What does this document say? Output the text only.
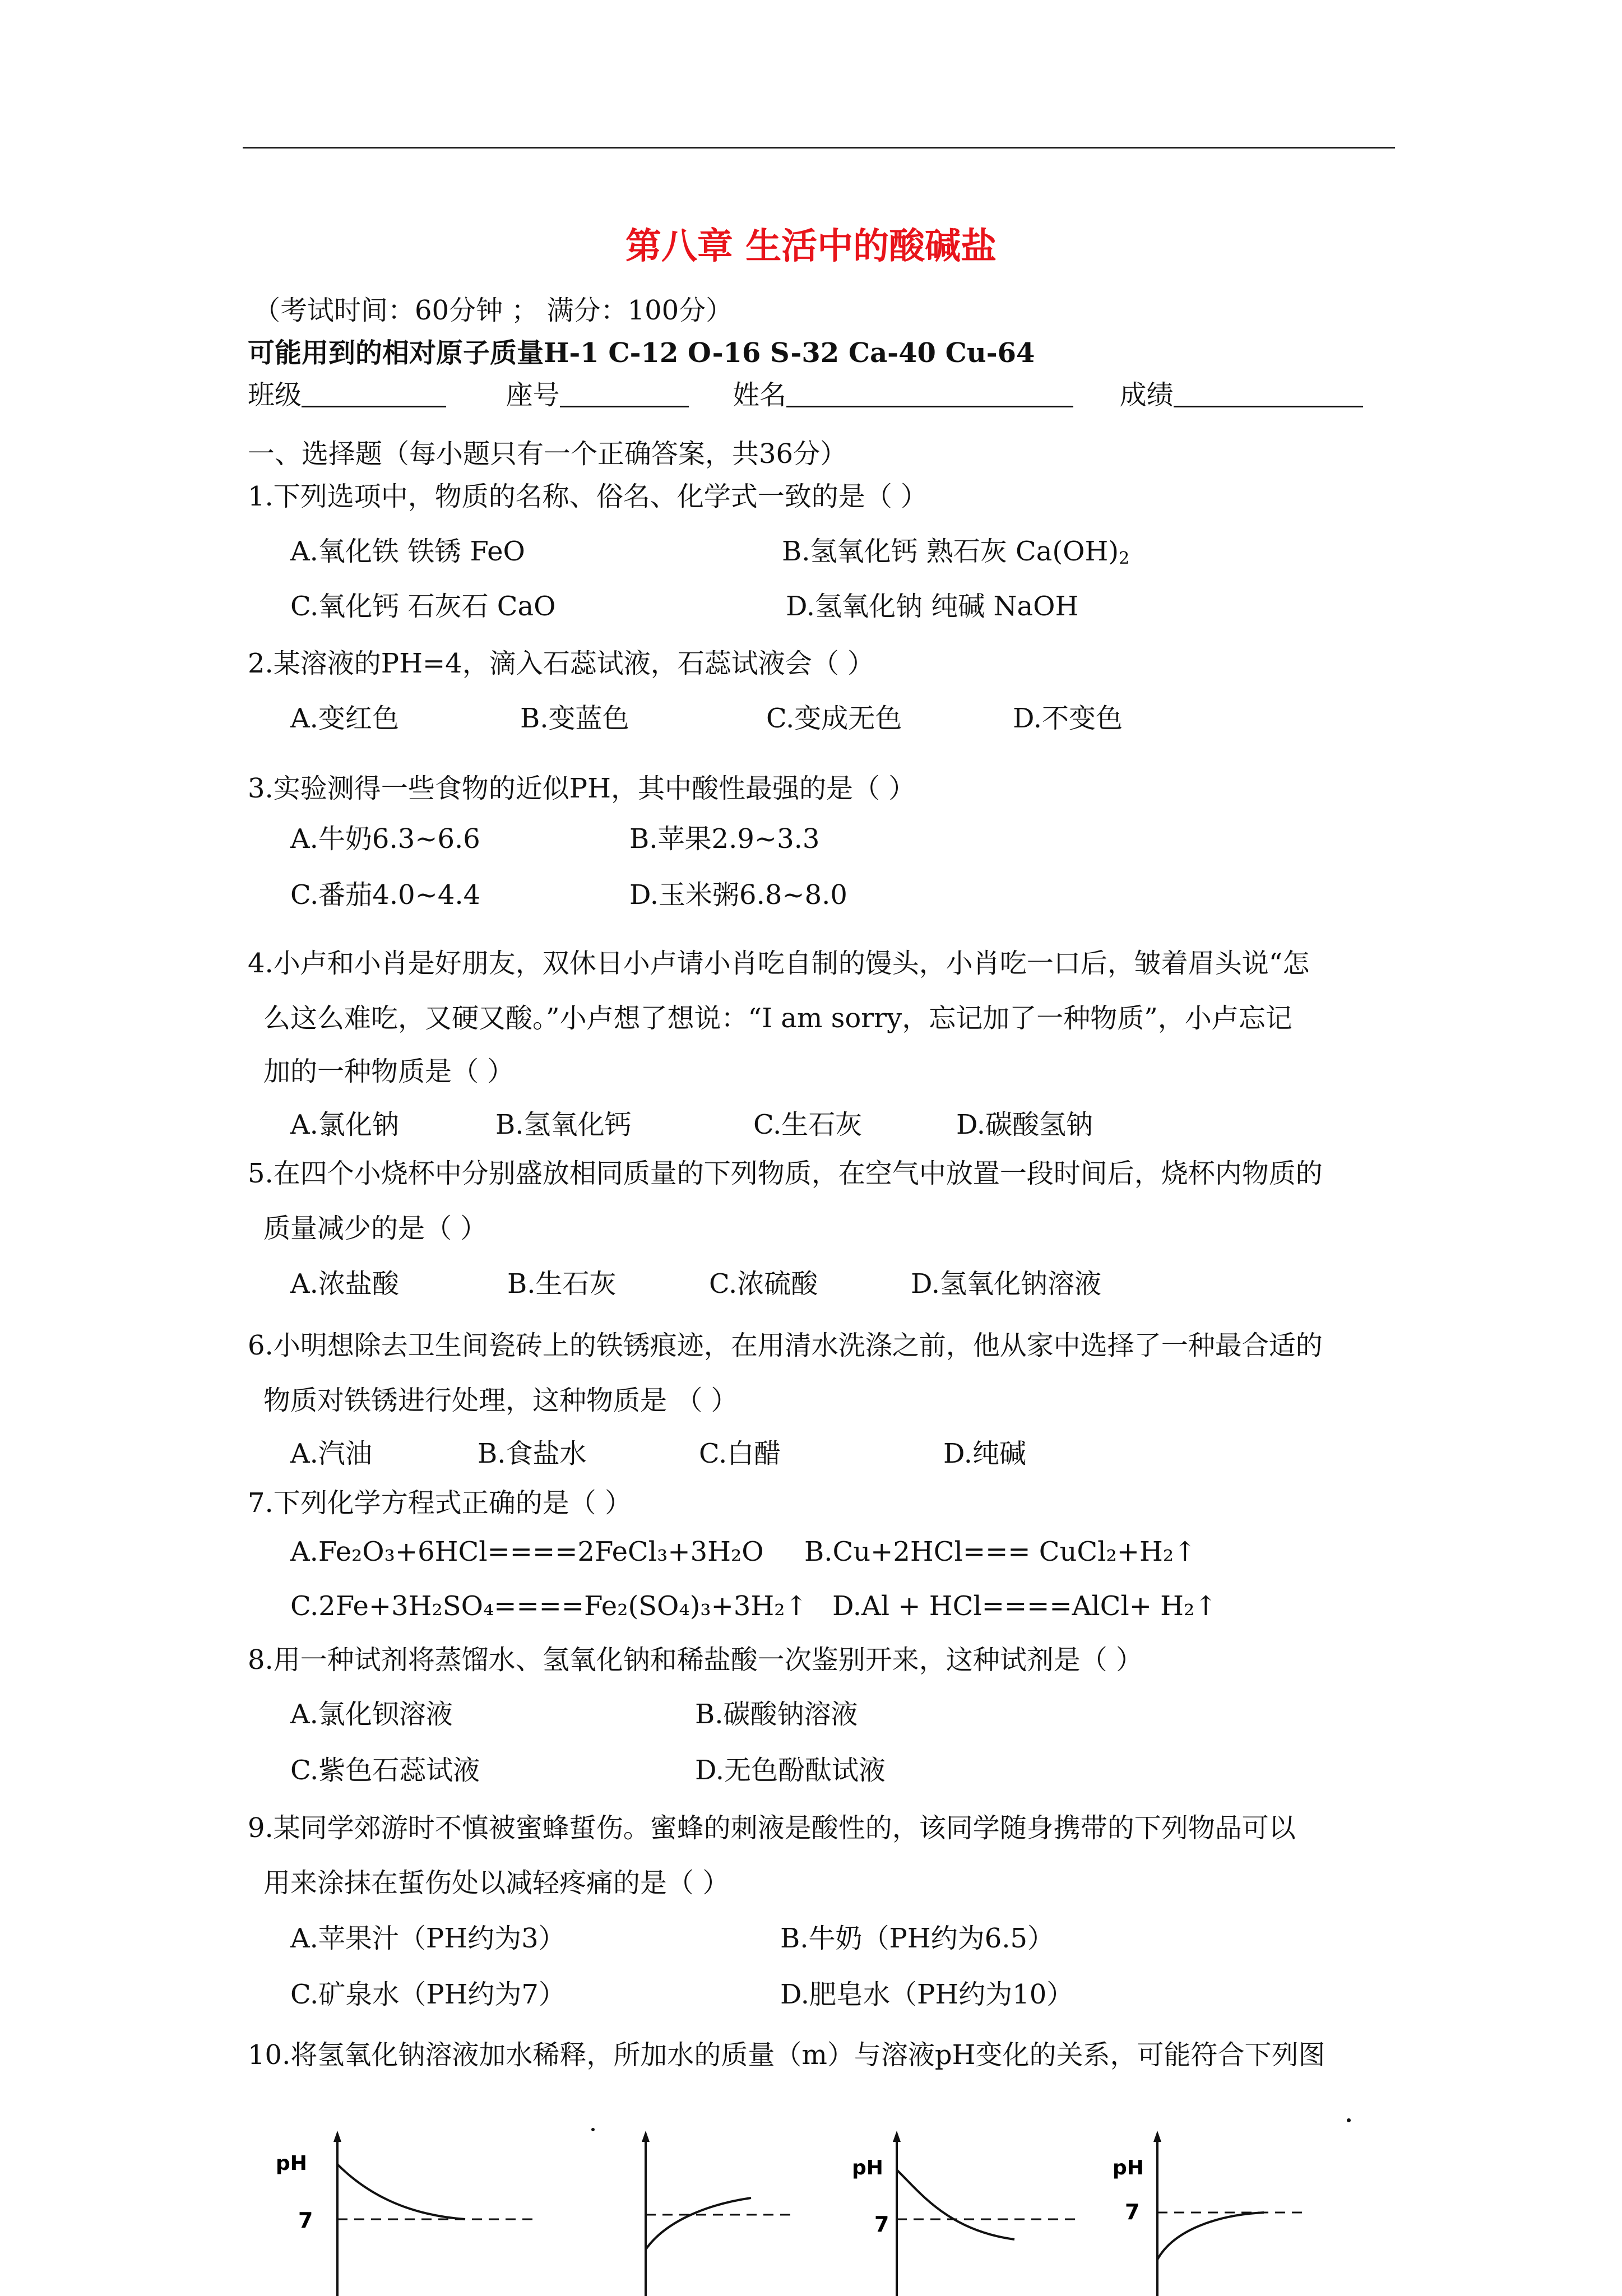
第八章 生活中的酸碱盐
（考试时间：60分钟 ； 满分：100分）
可能用到的相对原子质量H-1 C-12 O-16 S-32 Ca-40 Cu-64
班级	座号	姓名	成绩
一、选择题（每小题只有一个正确答案，共36分）
1.下列选项中，物质的名称、俗名、化学式一致的是（ ）
A.氧化铁 铁锈 FeO	B.氢氧化钙 熟石灰 $Ca(OH)_2$
C.氧化钙 石灰石 CaO	D.氢氧化钠 纯碱 NaOH
2.某溶液的PH=4，滴入石蕊试液，石蕊试液会（ ）
A.变红色	B.变蓝色	C.变成无色	D.不变色
3.实验测得一些食物的近似PH，其中酸性最强的是（ ）
A.牛奶6.3~6.6	B.苹果2.9~3.3
C.番茄4.0~4.4	D.玉米粥6.8~8.0
4.小卢和小肖是好朋友，双休日小卢请小肖吃自制的馒头，小肖吃一口后，皱着眉头说“怎
么这么难吃，又硬又酸。”小卢想了想说：“I am sorry，忘记加了一种物质”，小卢忘记
加的一种物质是（ ）
A.氯化钠	B.氢氧化钙	C.生石灰	D.碳酸氢钠
5.在四个小烧杯中分别盛放相同质量的下列物质，在空气中放置一段时间后，烧杯内物质的
质量减少的是（ ）
A.浓盐酸	B.生石灰	C.浓硫酸	D.氢氧化钠溶液
6.小明想除去卫生间瓷砖上的铁锈痕迹，在用清水洗涤之前，他从家中选择了一种最合适的
物质对铁锈进行处理，这种物质是 （ ）
A.汽油	B.食盐水	C.白醋	D.纯碱
7.下列化学方程式正确的是（ ）
A.Fe₂O₃+6HCl====2FeCl₃+3H₂O B.Cu+2HCl=== CuCl₂+H₂↑
C.2Fe+3H₂SO₄====Fe₂(SO₄)₃+3H₂↑ D.Al + HCl====AlCl+ H₂↑
8.用一种试剂将蒸馏水、氢氧化钠和稀盐酸一次鉴别开来，这种试剂是（ ）
A.氯化钡溶液	B.碳酸钠溶液
C.紫色石蕊试液	D.无色酚酞试液
9.某同学郊游时不慎被蜜蜂蜇伤。蜜蜂的刺液是酸性的，该同学随身携带的下列物品可以
用来涂抹在蜇伤处以减轻疼痛的是（ ）
A.苹果汁（PH约为3）	B.牛奶（PH约为6.5）
C.矿泉水（PH约为7）	D.肥皂水（PH约为10）
10.将氢氧化钠溶液加水稀释，所加水的质量（m）与溶液pH变化的关系，可能符合下列图
pH
7
pH
7
pH
7
